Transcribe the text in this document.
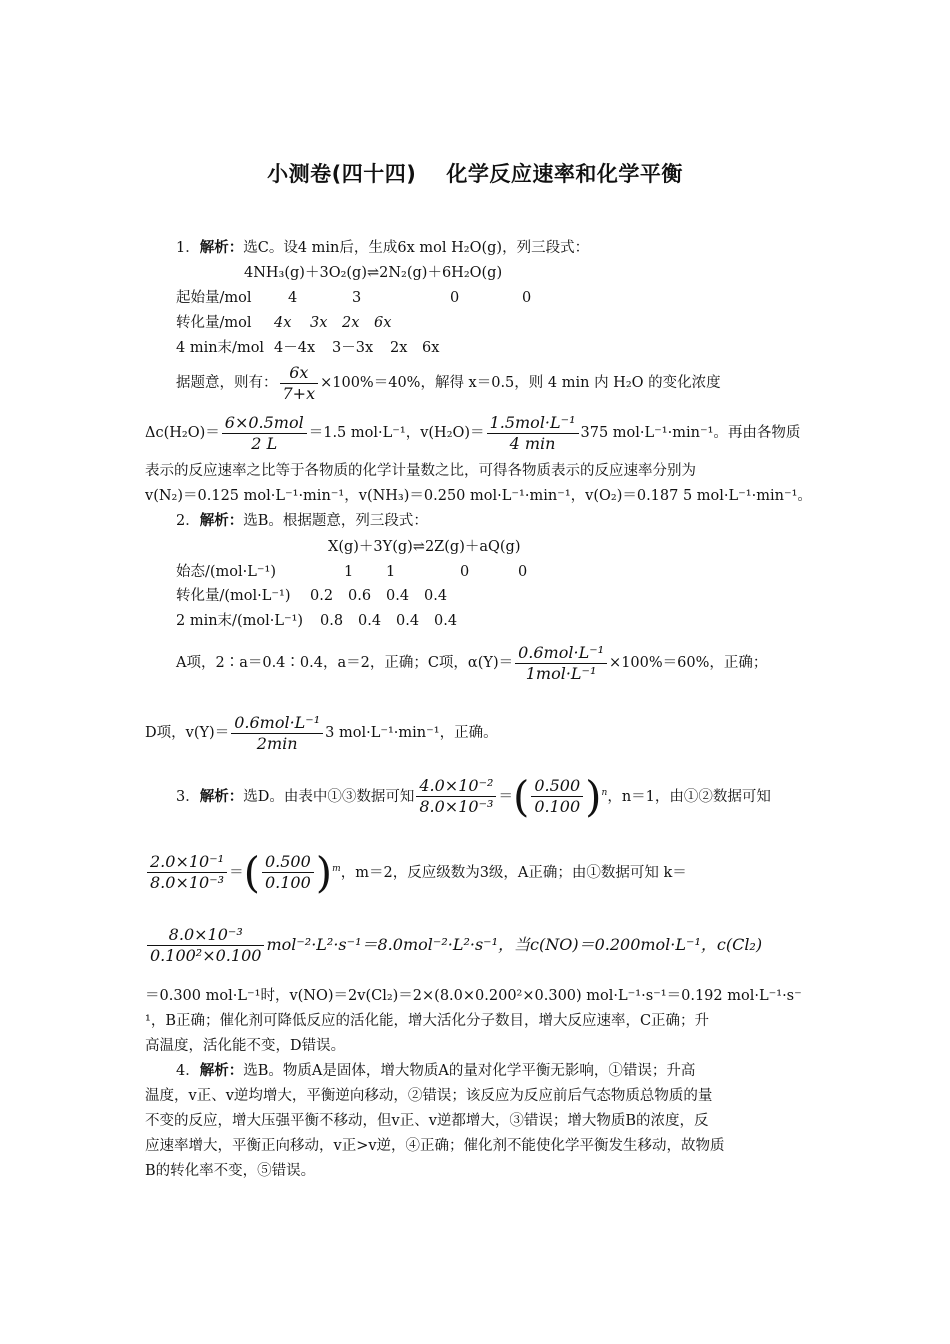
小测卷(四十四) 化学反应速率和化学平衡
1．解析：选C。设4 min后，生成6x mol H₂O(g)，列三段式：
4NH₃(g)＋3O₂(g)⇌2N₂(g)＋6H₂O(g)
起始量/mol	4	3	0	0
转化量/mol 4x 3x 2x 6x
4 min末/mol 4－4x 3－3x 2x 6x
据题意，则有： $\frac{6x}{7+x} \times 100\%=40\%$，解得 x＝0.5，则 4 min 内 H₂O 的变化浓度
$\Delta c(H_2O)= \frac{\text{6×0.5mol}}{2 L} =1.5$ mol·L⁻¹，$v(H_2O)= \frac{\text{1.5mol·L⁻¹}}{4 \min} 375$ mol·L⁻¹·min⁻¹。再由各物质
表示的反应速率之比等于各物质的化学计量数之比，可得各物质表示的反应速率分别为
v(N₂)＝0.125 mol·L⁻¹·min⁻¹，v(NH₃)＝0.250 mol·L⁻¹·min⁻¹，v(O₂)＝0.187 5 mol·L⁻¹·min⁻¹。
2．解析：选B。根据题意，列三段式：
X(g)＋3Y(g)⇌2Z(g)＋aQ(g)
始态/(mol·L⁻¹)	1 1	0	0
转化量/(mol·L⁻¹) 0.2 0.6 0.4 0.4
2 min末/(mol·L⁻¹) 0.8 0.4 0.4 0.4
A项，2∶a＝0.4∶0.4，a＝2，正确；C项，$\alpha(Y)= \frac{\text{0.6mol·L⁻¹}}{\text{1mol·L⁻¹}} \times 100\%=60\%$，正确；
D项，$v(Y)= \frac{\text{0.6mol·L⁻¹}}{2\min} 3$ mol·L⁻¹·min⁻¹，正确。
3．解析：选D。由表中①③数据可知 $\frac{\text{4.0×10⁻²}}{\text{8.0×10⁻³}}$ ＝( $\frac{0.500}{0.100} )^n$，n＝1，由①②数据可知
$\frac{\text{2.0×10⁻¹}}{\text{8.0×10⁻³}}$ ＝( $\frac{0.500}{0.100} )^m$，m＝2，反应级数为3级，A正确；由①数据可知 k＝
$\frac{\text{8.0×10⁻³}}{\text{0.100²×0.100}} mol^{-2}\cdot L^2\cdot s^{-1}=8.0mol^{-2}\cdot L^2\cdot s^{-1}$，当c(NO)＝0.200mol·L⁻¹，c(Cl₂)
＝0.300 mol·L⁻¹时，v(NO)＝2v(Cl₂)＝2×(8.0×0.200²×0.300) mol·L⁻¹·s⁻¹＝0.192 mol·L⁻¹·s⁻
¹，B正确；催化剂可降低反应的活化能，增大活化分子数目，增大反应速率，C正确；升
高温度，活化能不变，D错误。
4．解析：选B。物质A是固体，增大物质A的量对化学平衡无影响，①错误；升高
温度，v正、v逆均增大，平衡逆向移动，②错误；该反应为反应前后气态物质总物质的量
不变的反应，增大压强平衡不移动，但v正、v逆都增大，③错误；增大物质B的浓度，反
应速率增大，平衡正向移动，v正>v逆，④正确；催化剂不能使化学平衡发生移动，故物质
B的转化率不变，⑤错误。
